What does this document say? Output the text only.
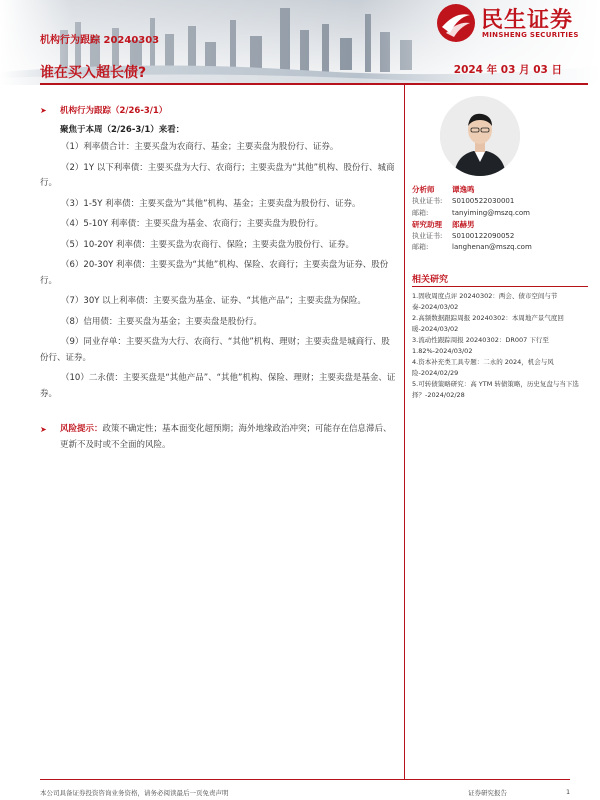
机构行为跟踪 20240303
谁在买入超长债?	2024 年 03 月 03 日
民生证券
MINSHENG SECURITIES
➤	机构行为跟踪（2/26-3/1）
聚焦于本周（2/26-3/1）来看：
（1）利率债合计：主要买盘为农商行、基金；主要卖盘为股份行、证券。
（2）1Y 以下利率债：主要买盘为大行、农商行；主要卖盘为“其他”机构、股份行、城商行。
（3）1-5Y 利率债：主要买盘为“其他”机构、基金；主要卖盘为股份行、证券。
（4）5-10Y 利率债：主要买盘为基金、农商行；主要卖盘为股份行。
（5）10-20Y 利率债：主要买盘为农商行、保险；主要卖盘为股份行、证券。
（6）20-30Y 利率债：主要买盘为“其他”机构、保险、农商行；主要卖盘为证券、股份行。
（7）30Y 以上利率债：主要买盘为基金、证券、“其他产品”；主要卖盘为保险。
（8）信用债：主要买盘为基金；主要卖盘是股份行。
（9）同业存单：主要买盘为大行、农商行、“其他”机构、理财；主要卖盘是城商行、股份行、证券。
（10）二永债：主要买盘是“其他产品”、“其他”机构、保险、理财；主要卖盘是基金、证券。
➤	风险提示：政策不确定性；基本面变化超预期；海外地缘政治冲突；可能存在信息滞后、更新不及时或不全面的风险。
分析师	谭逸鸣
执业证书:	S0100522030001
邮箱:	tanyiming@mszq.com
研究助理	郎赫男
执业证书:	S0100122090052
邮箱:	langhenan@mszq.com
相关研究
1.固收周度点评 20240302：两会、债市空间与节奏-2024/03/02
2.高频数据跟踪周报 20240302：本周地产景气度回暖-2024/03/02
3.流动性跟踪周报 20240302：DR007 下行至 1.82%-2024/03/02
4.资本补充类工具专题：二永的 2024，机会与风险-2024/02/29
5.可转债策略研究：高 YTM 转债策略，历史复盘与当下选择？-2024/02/28
本公司具备证券投资咨询业务资格，请务必阅读最后一页免责声明	证券研究报告	1
